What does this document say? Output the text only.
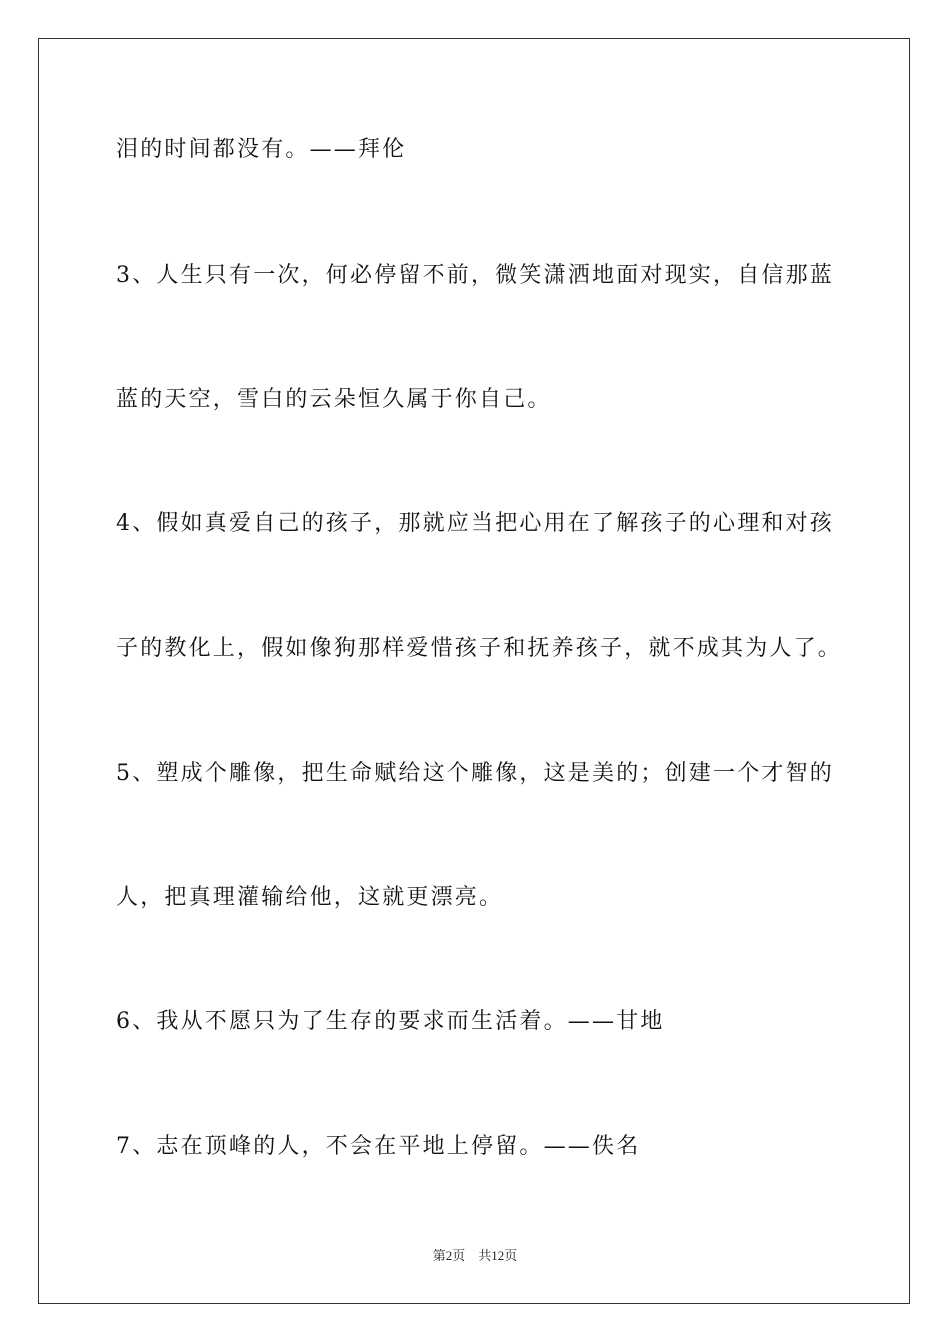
泪的时间都没有。——拜伦
3、人生只有一次，何必停留不前，微笑潇洒地面对现实，自信那蓝
蓝的天空，雪白的云朵恒久属于你自己。
4、假如真爱自己的孩子，那就应当把心用在了解孩子的心理和对孩
子的教化上，假如像狗那样爱惜孩子和抚养孩子，就不成其为人了。
5、塑成个雕像，把生命赋给这个雕像，这是美的；创建一个才智的
人，把真理灌输给他，这就更漂亮。
6、我从不愿只为了生存的要求而生活着。——甘地
7、志在顶峰的人，不会在平地上停留。——佚名
第2页 共12页
